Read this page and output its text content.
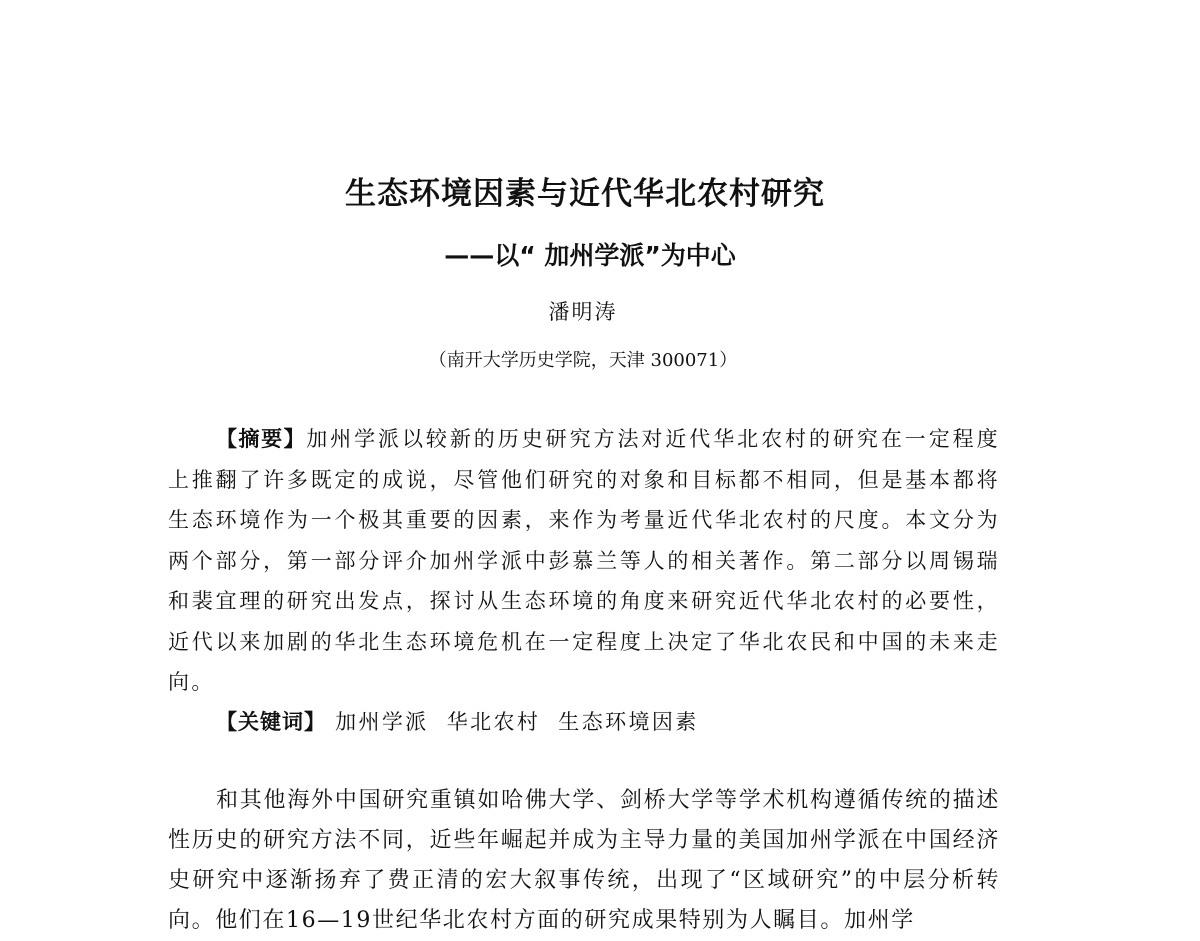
生态环境因素与近代华北农村研究
——以“ 加州学派”为中心
潘明涛
（南开大学历史学院，天津 300071）

【摘要】加州学派以较新的历史研究方法对近代华北农村的研究在一定程度上推翻了许多既定的成说，尽管他们研究的对象和目标都不相同，但是基本都将生态环境作为一个极其重要的因素，来作为考量近代华北农村的尺度。本文分为两个部分，第一部分评介加州学派中彭慕兰等人的相关著作。第二部分以周锡瑞和裴宜理的研究出发点，探讨从生态环境的角度来研究近代华北农村的必要性，近代以来加剧的华北生态环境危机在一定程度上决定了华北农民和中国的未来走向。

【关键词】 加州学派 华北农村 生态环境因素

和其他海外中国研究重镇如哈佛大学、剑桥大学等学术机构遵循传统的描述性历史的研究方法不同，近些年崛起并成为主导力量的美国加州学派在中国经济史研究中逐渐扬弃了费正清的宏大叙事传统，出现了“区域研究”的中层分析转向。他们在16—19世纪华北农村方面的研究成果特别为人瞩目。加州学
